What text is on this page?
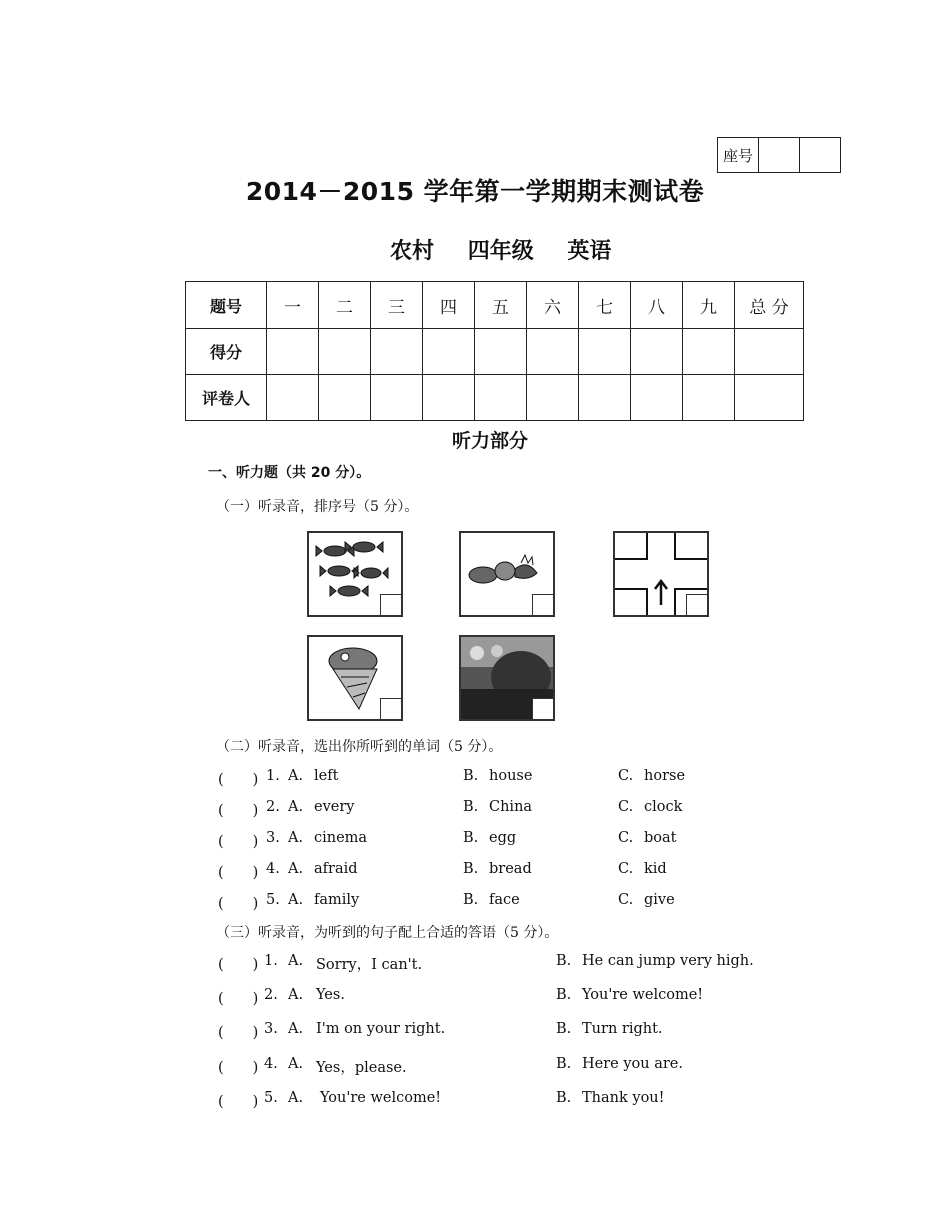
座号		
2014－2015 学年第一学期期末测试卷
农村 四年级 英语
题号	一	二	三	四	五	六	七	八	九	总 分
得分										
评卷人										
听力部分
一、听力题（共 20 分）。
（一）听录音，排序号（5 分）。
（二）听录音，选出你所听到的单词（5 分）。
(　　) 1. A. left	B. house	C. horse
(　　) 2. A. every	B. China	C. clock
(　　) 3. A. cinema	B. egg	C. boat
(　　) 4. A. afraid	B. bread	C. kid
(　　) 5. A. family	B. face	C. give
（三）听录音，为听到的句子配上合适的答语（5 分）。
(　　) 1. A. Sorry，I can't.	B. He can jump very high.
(　　) 2. A. Yes.	B. You're welcome!
(　　) 3. A. I'm on your right.	B. Turn right.
(　　) 4. A. Yes，please.	B. Here you are.
(　　) 5. A. You're welcome!	B. Thank you!
